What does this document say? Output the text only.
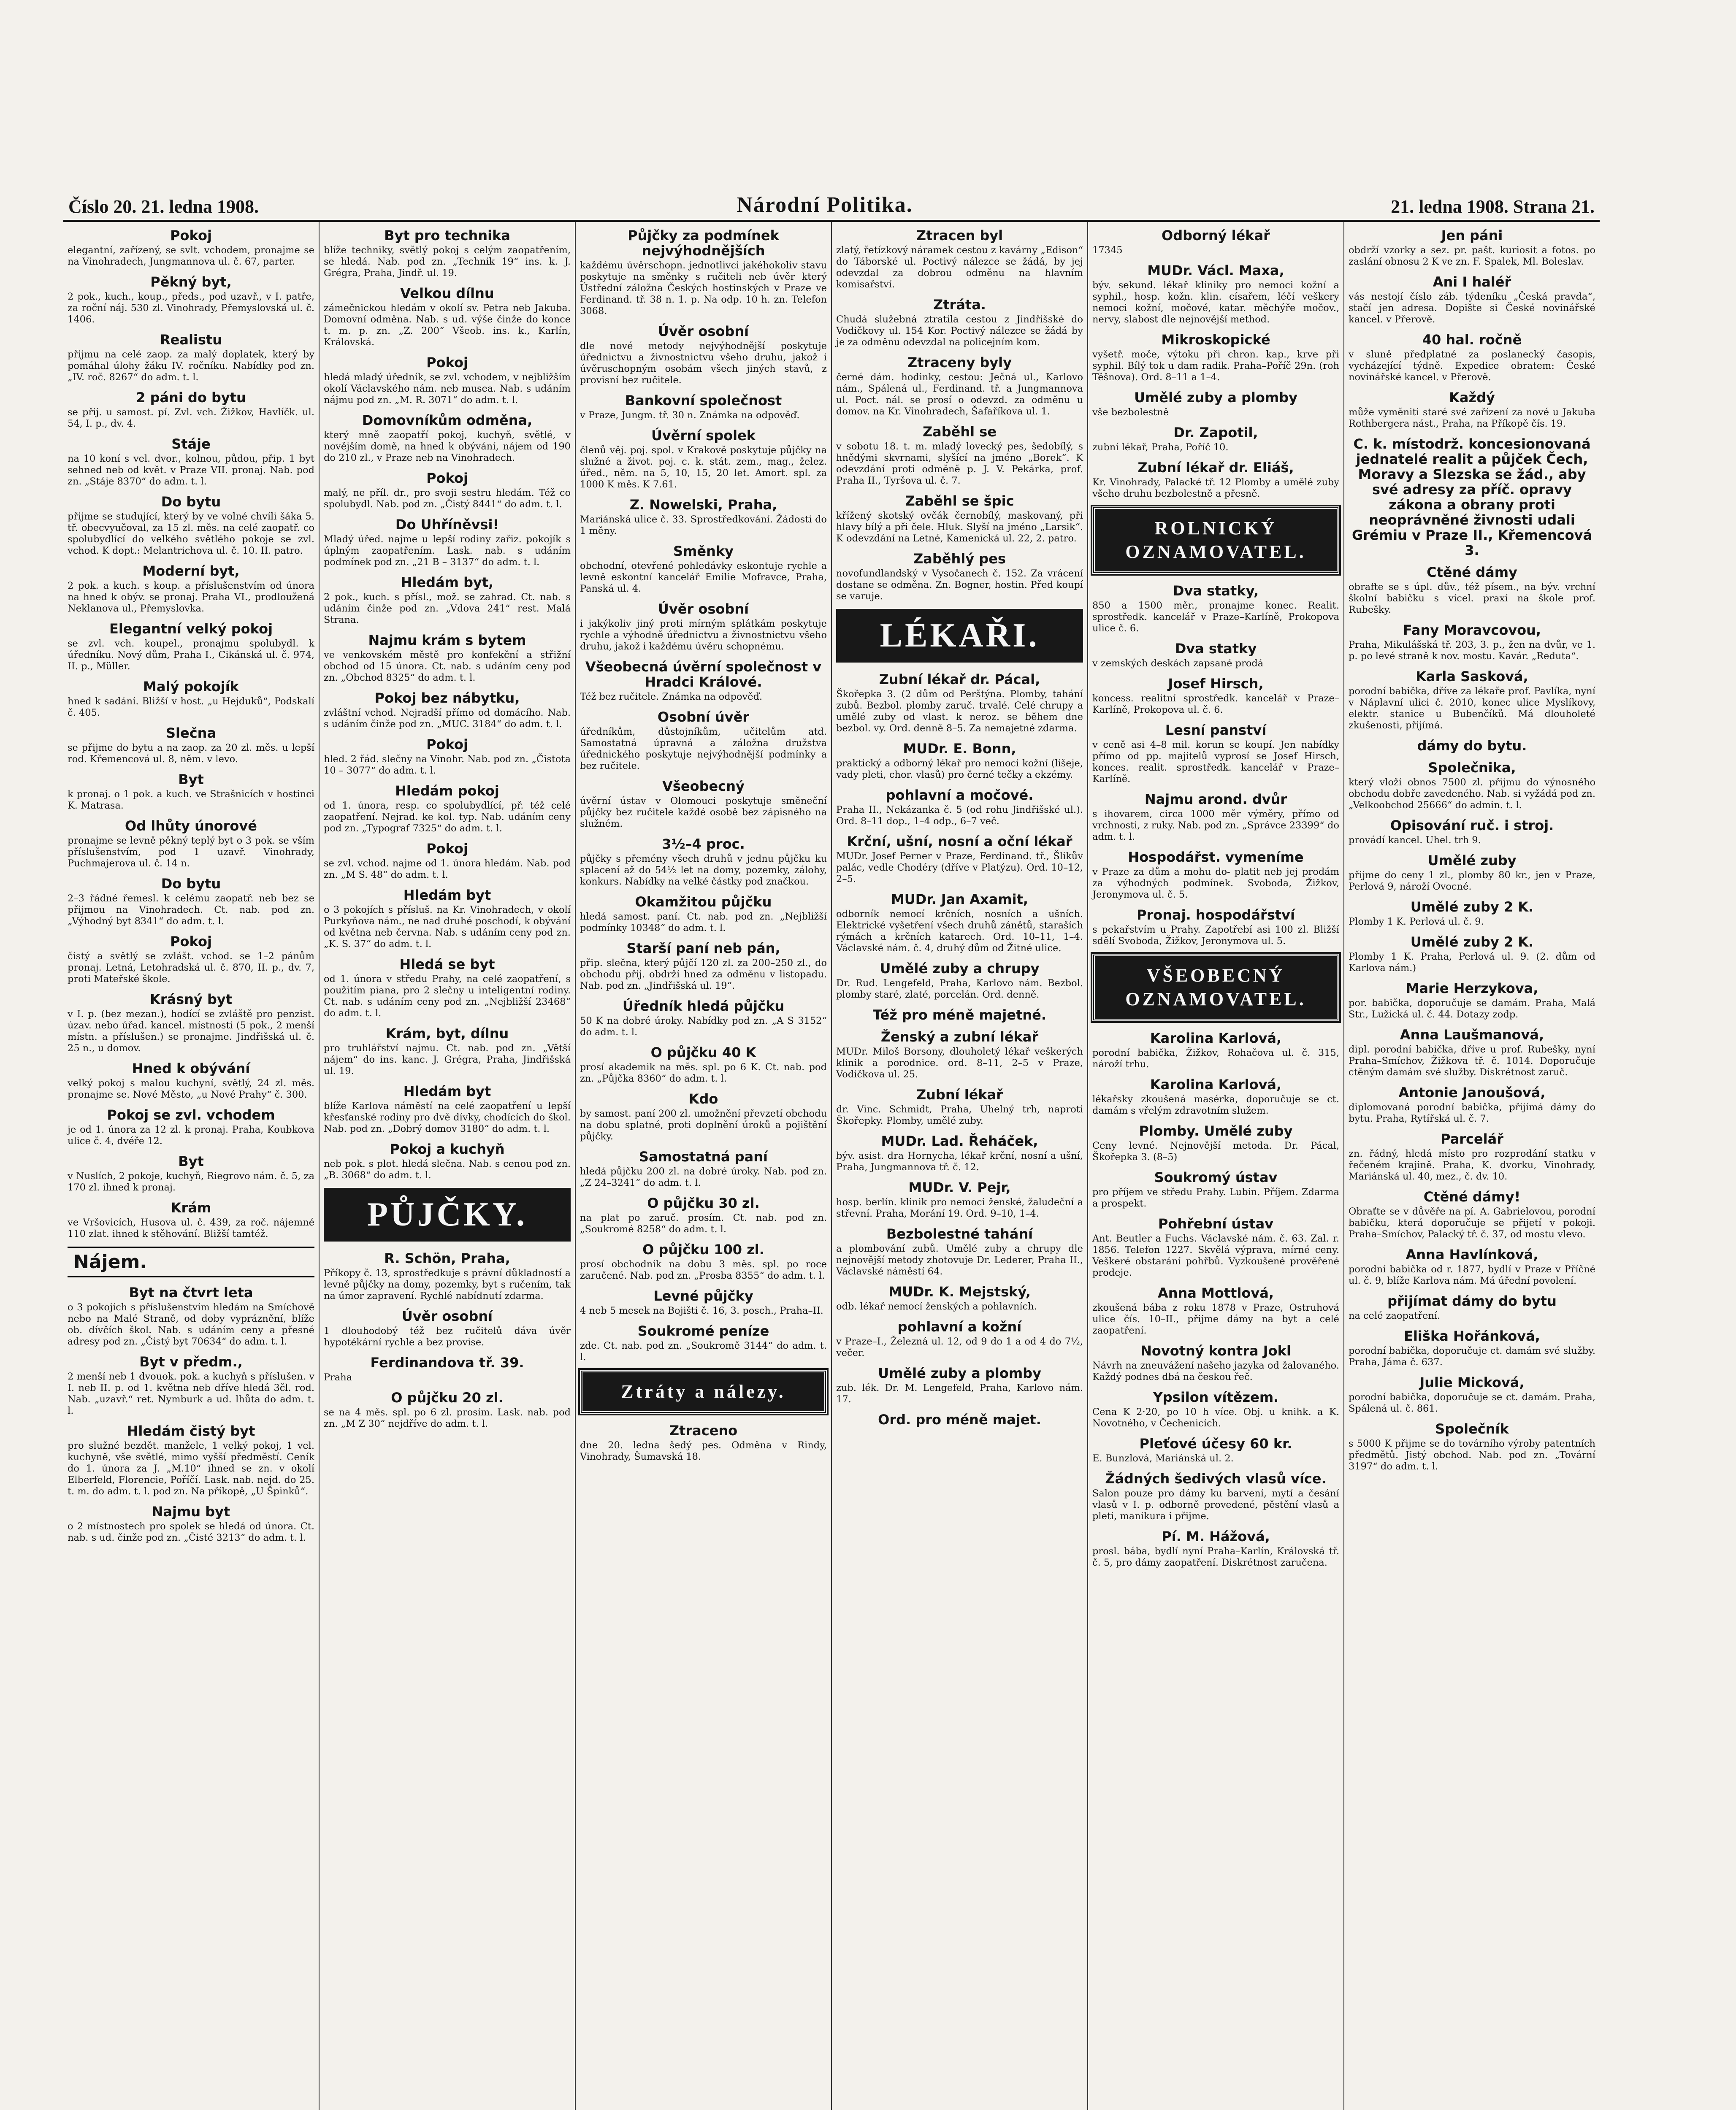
Číslo 20. 21. ledna 1908.	Národní Politika.	21. ledna 1908. Strana 21.
Pokoj

elegantní, zařízený, se svlt. vchodem, pronajme se na Vinohradech, Jungmannova ul. č. 67, parter.

Pěkný byt,

2 pok., kuch., koup., předs., pod uzavř., v I. patře, za roční náj. 530 zl. Vinohrady, Přemyslovská ul. č. 1406.

Realistu

přijmu na celé zaop. za malý doplatek, který by pomáhal úlohy žáku IV. ročníku. Nabídky pod zn. „IV. roč. 8267“ do adm. t. l.

2 páni do bytu

se přij. u samost. pí. Zvl. vch. Žižkov, Havlíčk. ul. 54, I. p., dv. 4.

Stáje

na 10 koní s vel. dvor., kolnou, půdou, přip. 1 byt sehned neb od květ. v Praze VII. pronaj. Nab. pod zn. „Stáje 8370“ do adm. t. l.

Do bytu

přijme se studující, který by ve volné chvíli šáka 5. tř. obecvyučoval, za 15 zl. měs. na celé zaopatř. co spolubydlící do velkého světlého pokoje se zvl. vchod. K dopt.: Melantrichova ul. č. 10. II. patro.

Moderní byt,

2 pok. a kuch. s koup. a příslušenstvím od února na hned k obýv. se pronaj. Praha VI., prodloužená Neklanova ul., Přemyslovka.

Elegantní velký pokoj

se zvl. vch. koupel., pronajmu spolubydl. k úředníku. Nový dům, Praha I., Cikánská ul. č. 974, II. p., Müller.

Malý pokojík

hned k sadání. Bližší v host. „u Hejduků“, Podskalí č. 405.

Slečna

se přijme do bytu a na zaop. za 20 zl. měs. u lepší rod. Křemencová ul. 8, něm. v levo.

Byt

k pronaj. o 1 pok. a kuch. ve Strašnicích v hostinci K. Matrasa.

Od lhůty únorové

pronajme se levně pěkný teplý byt o 3 pok. se vším příslušenstvím, pod 1 uzavř. Vinohrady, Puchmajerova ul. č. 14 n.

Do bytu

2–3 řádné řemesl. k celému zaopatř. neb bez se přijmou na Vinohradech. Ct. nab. pod zn. „Výhodný byt 8341“ do adm. t. l.

Pokoj

čistý a světlý se zvlášt. vchod. se 1–2 pánům pronaj. Letná, Letohradská ul. č. 870, II. p., dv. 7, proti Mateřské škole.

Krásný byt

v I. p. (bez mezan.), hodící se zvláště pro penzist. úzav. nebo úřad. kancel. místnosti (5 pok., 2 menší místn. a příslušen.) se pronajme. Jindřišská ul. č. 25 n., u domov.

Hned k obývání

velký pokoj s malou kuchyní, světlý, 24 zl. měs. pronajme se. Nové Město, „u Nové Prahy“ č. 300.

Pokoj se zvl. vchodem

je od 1. února za 12 zl. k pronaj. Praha, Koubkova ulice č. 4, dvéře 12.

Byt

v Nuslích, 2 pokoje, kuchyň, Riegrovo nám. č. 5, za 170 zl. ihned k pronaj.

Krám

ve Vršovicích, Husova ul. č. 439, za roč. nájemné 110 zlat. ihned k stěhování. Bližší tamtéž.

Nájem.
Byt na čtvrt leta

o 3 pokojích s příslušenstvím hledám na Smíchově nebo na Malé Straně, od doby vypráznění, blíže ob. dívčích škol. Nab. s udáním ceny a přesné adresy pod zn. „Čistý byt 70634“ do adm. t. l.

Byt v předm.,

2 menší neb 1 dvouok. pok. a kuchyň s příslušen. v I. neb II. p. od 1. května neb dříve hledá 3čl. rod. Nab. „uzavř.“ ret. Nymburk a ud. lhůta do adm. t. l.

Hledám čistý byt

pro služné bezdět. manžele, 1 velký pokoj, 1 vel. kuchyně, vše světlé, mimo vyšší předměstí. Ceník do 1. února za J. „M.10“ ihned se zn. v okolí Elberfeld, Florencie, Poříčí. Lask. nab. nejd. do 25. t. m. do adm. t. l. pod zn. Na příkopě, „U Špinků“.

Najmu byt

o 2 místnostech pro spolek se hledá od února. Ct. nab. s ud. činže pod zn. „Čisté 3213“ do adm. t. l.

Byt pro technika

blíže techniky, světlý pokoj s celým zaopatřením, se hledá. Nab. pod zn. „Technik 19“ ins. k. J. Grégra, Praha, Jindř. ul. 19.

Velkou dílnu

zámečnickou hledám v okolí sv. Petra neb Jakuba. Domovní odměna. Nab. s ud. výše činže do konce t. m. p. zn. „Z. 200“ Všeob. ins. k., Karlín, Královská.

Pokoj

hledá mladý úředník, se zvl. vchodem, v nejbližším okolí Václavského nám. neb musea. Nab. s udáním nájmu pod zn. „M. R. 3071“ do adm. t. l.

Domovníkům odměna,

který mně zaopatří pokoj, kuchyň, světlé, v novějším domě, na hned k obývání, nájem od 190 do 210 zl., v Praze neb na Vinohradech.

Pokoj

malý, ne příl. dr., pro svoji sestru hledám. Též co spolubydl. Nab. pod zn. „Čistý 8441“ do adm. t. l.

Do Uhříněvsi!

Mladý úřed. najme u lepší rodiny zařiz. pokojík s úplným zaopatřením. Lask. nab. s udáním podmínek pod zn. „21 B – 3137“ do adm. t. l.

Hledám byt,

2 pok., kuch. s přísl., mož. se zahrad. Ct. nab. s udáním činže pod zn. „Vdova 241“ rest. Malá Strana.

Najmu krám s bytem

ve venkovském městě pro konfekční a střižní obchod od 15 února. Ct. nab. s udáním ceny pod zn. „Obchod 8325“ do adm. t. l.

Pokoj bez nábytku,

zvláštní vchod. Nejradší přímo od domácího. Nab. s udáním činže pod zn. „MUC. 3184“ do adm. t. l.

Pokoj

hled. 2 řád. slečny na Vinohr. Nab. pod zn. „Čistota 10 – 3077“ do adm. t. l.

Hledám pokoj

od 1. února, resp. co spolubydlící, př. též celé zaopatření. Nejrad. ke kol. typ. Nab. udáním ceny pod zn. „Typograf 7325“ do adm. t. l.

Pokoj

se zvl. vchod. najme od 1. února hledám. Nab. pod zn. „M S. 48“ do adm. t. l.

Hledám byt

o 3 pokojích s přísluš. na Kr. Vinohradech, v okolí Purkyňova nám., ne nad druhé poschodí, k obývání od května neb června. Nab. s udáním ceny pod zn. „K. S. 37“ do adm. t. l.

Hledá se byt

od 1. února v středu Prahy, na celé zaopatření, s použitím piana, pro 2 slečny u inteligentní rodiny. Ct. nab. s udáním ceny pod zn. „Nejbližší 23468“ do adm. t. l.

Krám, byt, dílnu

pro truhlářství najmu. Ct. nab. pod zn. „Větší nájem“ do ins. kanc. J. Grégra, Praha, Jindřišská ul. 19.

Hledám byt

blíže Karlova náměstí na celé zaopatření u lepší křesťanské rodiny pro dvě dívky, chodících do škol. Nab. pod zn. „Dobrý domov 3180“ do adm. t. l.

Pokoj a kuchyň

neb pok. s plot. hledá slečna. Nab. s cenou pod zn. „B. 3068“ do adm. t. l.

PŮJČKY.
R. Schön, Praha,

Příkopy č. 13, sprostředkuje s právní důkladností a levně půjčky na domy, pozemky, byt s ručením, tak na úmor zapravení. Rychlé nabídnutí zdarma.

Úvěr osobní

1 dlouhodobý též bez ručitelů dáva úvěr hypotékární rychle a bez provise.

Ferdinandova tř. 39.

Praha

O půjčku 20 zl.

se na 4 měs. spl. po 6 zl. prosím. Lask. nab. pod zn. „M Z 30“ nejdříve do adm. t. l.

Půjčky za podmínek nejvýhodnějších

každému úvěrschopn. jednotlivci jakéhokoliv stavu poskytuje na směnky s ručiteli neb úvěr který Ústřední záložna Českých hostinských v Praze ve Ferdinand. tř. 38 n. 1. p. Na odp. 10 h. zn. Telefon 3068.

Úvěr osobní

dle nové metody nejvýhodnější poskytuje úřednictvu a živnostnictvu všeho druhu, jakož i úvěruschopným osobám všech jiných stavů, z provisní bez ručitele.

Bankovní společnost

v Praze, Jungm. tř. 30 n. Známka na odpověď.

Úvěrní spolek

členů věj. poj. spol. v Krakově poskytuje půjčky na služné a život. poj. c. k. stát. zem., mag., želez. úřed., něm. na 5, 10, 15, 20 let. Amort. spl. za 1000 K měs. K 7.61.

Z. Nowelski, Praha,

Mariánská ulice č. 33. Sprostředkování. Žádosti do 1 měny.

Směnky

obchodní, otevřené pohledávky eskontuje rychle a levně eskontní kancelář Emilie Mofravce, Praha, Panská ul. 4.

Úvěr osobní

i jakýkoliv jiný proti mírným splátkám poskytuje rychle a výhodně úřednictvu a živnostnictvu všeho druhu, jakož i každému úvěru schopnému.

Všeobecná úvěrní společnost v Hradci Králové.

Též bez ručitele. Známka na odpověď.

Osobní úvěr

úředníkům, důstojníkům, učitelům atd. Samostatná úpravná a záložna družstva úřednického poskytuje nejvýhodnější podmínky a bez ručitele.

Všeobecný

úvěrní ústav v Olomouci poskytuje směneční půjčky bez ručitele každé osobě bez zápisného na služném.

3½–4 proc.

půjčky s přemény všech druhů v jednu půjčku ku splacení až do 54½ let na domy, pozemky, zálohy, konkurs. Nabídky na velké částky pod značkou.

Okamžitou půjčku

hledá samost. paní. Ct. nab. pod zn. „Nejbližší podmínky 10348“ do adm. t. l.

Starší paní neb pán,

přip. slečna, který půjčí 120 zl. za 200–250 zl., do obchodu přij. obdrží hned za odměnu v listopadu. Nab. pod zn. „Jindřišská ul. 19“.

Úředník hledá půjčku

50 K na dobré úroky. Nabídky pod zn. „A S 3152“ do adm. t. l.

O půjčku 40 K

prosí akademik na měs. spl. po 6 K. Ct. nab. pod zn. „Půjčka 8360“ do adm. t. l.

Kdo

by samost. paní 200 zl. umožnění převzetí obchodu na dobu splatné, proti doplnění úroků a pojištění půjčky.

Samostatná paní

hledá půjčku 200 zl. na dobré úroky. Nab. pod zn. „Z 24–3241“ do adm. t. l.

O půjčku 30 zl.

na plat po zaruč. prosím. Ct. nab. pod zn. „Soukromé 8258“ do adm. t. l.

O půjčku 100 zl.

prosí obchodník na dobu 3 měs. spl. po roce zaručené. Nab. pod zn. „Prosba 8355“ do adm. t. l.

Levné půjčky

4 neb 5 mesek na Bojišti č. 16, 3. posch., Praha–II.

Soukromé peníze

zde. Ct. nab. pod zn. „Soukromě 3144“ do adm. t. l.

Ztráty a nálezy.
Ztraceno

dne 20. ledna šedý pes. Odměna v Rindy, Vinohrady, Šumavská 18.

Ztracen byl

zlatý, řetízkový náramek cestou z kavárny „Edison“ do Táborské ul. Poctivý nálezce se žádá, by jej odevzdal za dobrou odměnu na hlavním komisařství.

Ztráta.

Chudá služebná ztratila cestou z Jindřišské do Vodičkovy ul. 154 Kor. Poctivý nálezce se žádá by je za odměnu odevzdal na policejním kom.

Ztraceny byly

černé dám. hodinky, cestou: Ječná ul., Karlovo nám., Spálená ul., Ferdinand. tř. a Jungmannova ul. Poct. nál. se prosí o odevzd. za odměnu u domov. na Kr. Vinohradech, Šafaříkova ul. 1.

Zaběhl se

v sobotu 18. t. m. mladý lovecký pes, šedobílý, s hnědými skvrnami, slyšící na jméno „Borek“. K odevzdání proti odměně p. J. V. Pekárka, prof. Praha II., Tyršova ul. č. 7.

Zaběhl se špic

křížený skotský ovčák černobílý, maskovaný, při hlavy bílý a při čele. Hluk. Slyší na jméno „Larsik“. K odevzdání na Letné, Kamenická ul. 22, 2. patro.

Zaběhlý pes

novofundlandský v Vysočanech č. 152. Za vrácení dostane se odměna. Zn. Bogner, hostin. Před koupí se varuje.

LÉKAŘI.
Zubní lékař dr. Pácal,

Škořepka 3. (2 dům od Perštýna. Plomby, tahání zubů. Bezbol. plomby zaruč. trvalé. Celé chrupy a umělé zuby od vlast. k neroz. se během dne bezbol. vy. Ord. denně 8–5. Za nemajetné zdarma.

MUDr. E. Bonn,

praktický a odborný lékař pro nemoci kožní (lišeje, vady pleti, chor. vlasů) pro černé tečky a ekzémy.

pohlavní a močové.

Praha II., Nekázanka č. 5 (od rohu Jindřišské ul.). Ord. 8–11 dop., 1–4 odp., 6–7 več.

Krční, ušní, nosní a oční lékař

MUDr. Josef Perner v Praze, Ferdinand. tř., Šlikův palác, vedle Chodéry (dříve v Platýzu). Ord. 10–12, 2–5.

MUDr. Jan Axamit,

odborník nemocí krčních, nosních a ušních. Elektrické vyšetření všech druhů zánětů, staraších rýmách a krčních katarech. Ord. 10–11, 1–4. Václavské nám. č. 4, druhý dům od Žitné ulice.

Umělé zuby a chrupy

Dr. Rud. Lengefeld, Praha, Karlovo nám. Bezbol. plomby staré, zlaté, porcelán. Ord. denně.

Též pro méně majetné.
Ženský a zubní lékař

MUDr. Miloš Borsony, dlouholetý lékař veškerých klinik a porodnice. ord. 8–11, 2–5 v Praze, Vodičkova ul. 25.

Zubní lékař

dr. Vinc. Schmidt, Praha, Uhelný trh, naproti Škořepky. Plomby, umělé zuby.

MUDr. Lad. Řeháček,

býv. asist. dra Hornycha, lékař krční, nosní a ušní, Praha, Jungmannova tř. č. 12.

MUDr. V. Pejr,

hosp. berlín. klinik pro nemoci ženské, žaludeční a střevní. Praha, Morání 19. Ord. 9–10, 1–4.

Bezbolestné tahání

a plombování zubů. Umělé zuby a chrupy dle nejnovější metody zhotovuje Dr. Lederer, Praha II., Václavské náměstí 64.

MUDr. K. Mejstský,

odb. lékař nemocí ženských a pohlavních.

pohlavní a kožní

v Praze–I., Železná ul. 12, od 9 do 1 a od 4 do 7½, večer.

Umělé zuby a plomby

zub. lék. Dr. M. Lengefeld, Praha, Karlovo nám. 17.

Ord. pro méně majet.
Odborný lékař

17345

MUDr. Václ. Maxa,

býv. sekund. lékař kliniky pro nemoci kožní a syphil., hosp. kožn. klin. císařem, léčí veškery nemoci kožní, močové, katar. měchýře močov., nervy, slabost dle nejnovější method.

Mikroskopické

vyšetř. moče, výtoku při chron. kap., krve při syphil. Bílý tok u dam radik. Praha–Poříč 29n. (roh Těšnova). Ord. 8–11 a 1–4.

Umělé zuby a plomby

vše bezbolestně

Dr. Zapotil,

zubní lékař, Praha, Poříč 10.

Zubní lékař dr. Eliáš,

Kr. Vinohrady, Palacké tř. 12 Plomby a umělé zuby všeho druhu bezbolestně a přesně.

ROLNICKÝ OZNAMOVATEL.
Dva statky,

850 a 1500 měr., pronajme konec. Realit. sprostředk. kancelář v Praze–Karlíně, Prokopova ulice č. 6.

Dva statky

v zemských deskách zapsané prodá

Josef Hirsch,

koncess. realitní sprostředk. kancelář v Praze–Karlíně, Prokopova ul. č. 6.

Lesní panství

v ceně asi 4–8 mil. korun se koupí. Jen nabídky přímo od pp. majitelů vyprosí se Josef Hirsch, konces. realit. sprostředk. kancelář v Praze–Karlíně.

Najmu arond. dvůr

s ihovarem, circa 1000 měr výměry, přímo od vrchnosti, z ruky. Nab. pod zn. „Správce 23399“ do adm. t. l.

Hospodářst. vymeníme

v Praze za dům a mohu do- platit neb jej prodám za výhodných podmínek. Svoboda, Žižkov, Jeronymova ul. č. 5.

Pronaj. hospodářství

s pekařstvím u Prahy. Zapotřebí asi 100 zl. Bližší sdělí Svoboda, Žižkov, Jeronymova ul. 5.

VŠEOBECNÝ OZNAMOVATEL.
Karolina Karlová,

porodní babička, Žižkov, Rohačova ul. č. 315, nároží trhu.

Karolina Karlová,

lékařsky zkoušená masérka, doporučuje se ct. damám s vřelým zdravotním služem.

Plomby. Umělé zuby

Ceny levné. Nejnovější metoda. Dr. Pácal, Škořepka 3. (8–5)

Soukromý ústav

pro příjem ve středu Prahy. Lubin. Příjem. Zdarma a prospekt.

Pohřební ústav

Ant. Beutler a Fuchs. Václavské nám. č. 63. Zal. r. 1856. Telefon 1227. Skvělá výprava, mírné ceny. Veškeré obstarání pohřbů. Vyzkoušené prověřené prodeje.

Anna Mottlová,

zkoušená bába z roku 1878 v Praze, Ostruhová ulice čís. 10–II., přijme dámy na byt a celé zaopatření.

Novotný kontra Jokl

Návrh na zneuvážení našeho jazyka od žalovaného. Každý podnes dbá na českou řeč.

Ypsilon vítězem.

Cena K 2·20, po 10 h více. Obj. u knihk. a K. Novotného, v Čechenicích.

Pleťové účesy 60 kr.

E. Bunzlová, Mariánská ul. 2.

Žádných šedivých vlasů více.

Salon pouze pro dámy ku barvení, mytí a česání vlasů v I. p. odborně provedené, pěstění vlasů a pleti, manikura i přijme.

Pí. M. Hážová,

prosl. bába, bydlí nyní Praha–Karlín, Královská tř. č. 5, pro dámy zaopatření. Diskrétnost zaručena.

Jen páni

obdrží vzorky a sez. pr. pašt. kuriosit a fotos. po zaslání obnosu 2 K ve zn. F. Spalek, Ml. Boleslav.

Ani I haléř

vás nestojí číslo záb. týdeníku „Česká pravda“, stačí jen adresa. Dopište si České novinářské kancel. v Přerově.

40 hal. ročně

v sluně předplatné za poslanecký časopis, vycházející týdně. Expedice obratem: České novinářské kancel. v Přerově.

Každý

může vyměniti staré své zařízení za nové u Jakuba Rothbergera nást., Praha, na Příkopě čís. 19.

C. k. místodrž. koncesionovaná jednatelé realit a půjček Čech, Moravy a Slezska se žád., aby své adresy za příč. opravy zákona a obrany proti neoprávněné živnosti udali Grémiu v Praze II., Křemencová 3.
Ctěné dámy

obrafte se s úpl. dův., též písem., na býv. vrchní školní babičku s vícel. praxí na škole prof. Rubešky.

Fany Moravcovou,

Praha, Mikulášská tř. 203, 3. p., žen na dvůr, ve 1. p. po levé straně k nov. mostu. Kavár. „Reduta“.

Karla Sasková,

porodní babička, dříve za lékaře prof. Pavlíka, nyní v Náplavní ulici č. 2010, konec ulice Myslíkovy, elektr. stanice u Bubenčíků. Má dlouholeté zkušenosti, přijímá.

dámy do bytu.
Společnika,

který vloží obnos 7500 zl. přijmu do výnosného obchodu dobře zavedeného. Nab. si vyžádá pod zn. „Velkoobchod 25666“ do admin. t. l.

Opisování ruč. i stroj.

provádí kancel. Uhel. trh 9.

Umělé zuby

přijme do ceny 1 zl., plomby 80 kr., jen v Praze, Perlová 9, nároží Ovocné.

Umělé zuby 2 K.

Plomby 1 K. Perlová ul. č. 9.

Umělé zuby 2 K.

Plomby 1 K. Praha, Perlová ul. 9. (2. dům od Karlova nám.)

Marie Herzykova,

por. babička, doporučuje se damám. Praha, Malá Str., Lužická ul. č. 44. Dotazy zodp.

Anna Laušmanová,

dipl. porodní babička, dříve u prof. Rubešky, nyní Praha–Smíchov, Žižkova tř. č. 1014. Doporučuje ctěným damám své služby. Diskrétnost zaruč.

Antonie Janoušová,

diplomovaná porodní babička, přijímá dámy do bytu. Praha, Rytířská ul. č. 7.

Parcelář

zn. řádný, hledá místo pro rozprodání statku v řečeném krajině. Praha, K. dvorku, Vinohrady, Mariánská ul. 40, mez., č. dv. 10.

Ctěné dámy!

Obraťte se v důvěře na pí. A. Gabrielovou, porodní babičku, která doporučuje se přijetí v pokoji. Praha–Smíchov, Palacký tř. č. 37, od mostu vlevo.

Anna Havlínková,

porodní babička od r. 1877, bydlí v Praze v Příčné ul. č. 9, blíže Karlova nám. Má úřední povolení.

přijímat dámy do bytu

na celé zaopatření.

Eliška Hořánková,

porodní babička, doporučuje ct. damám své služby. Praha, Jáma č. 637.

Julie Micková,

porodní babička, doporučuje se ct. damám. Praha, Spálená ul. č. 861.

Společník

s 5000 K přijme se do továrního výroby patentních předmětů. Jistý obchod. Nab. pod zn. „Tovární 3197“ do adm. t. l.
